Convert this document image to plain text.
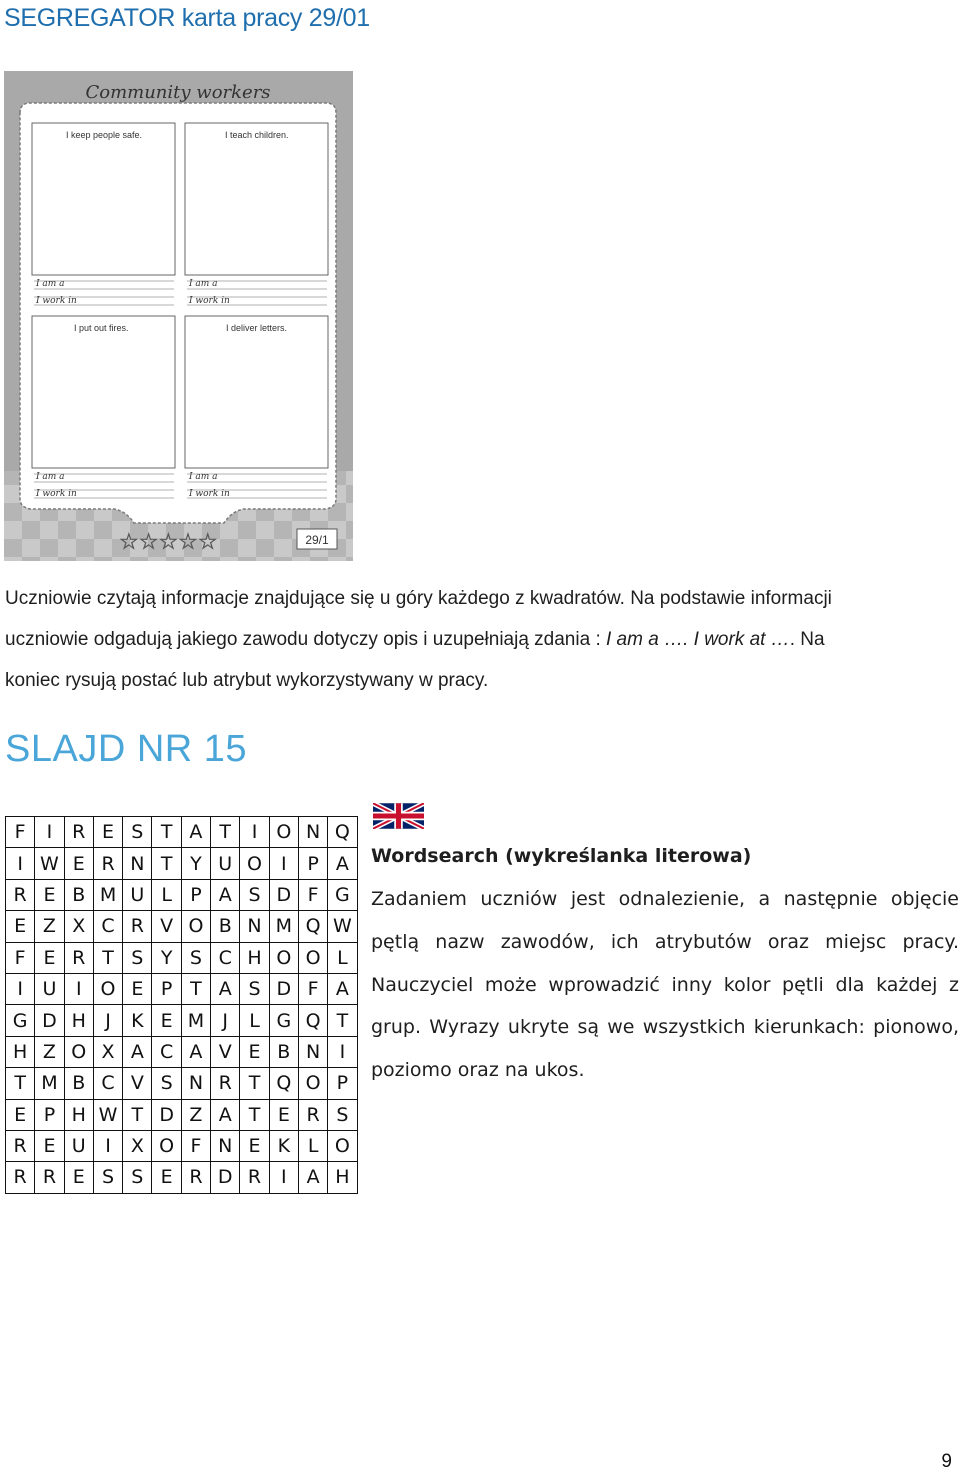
SEGREGATOR karta pracy 29/01
Community workers
I keep people safe.	I teach children.
I put out fires.	I deliver letters.
I am a
I work in
I am a
I work in
I am a
I work in
I am a
I work in
☆☆☆☆☆	29/1
Uczniowie czytają informacje znajdujące się u góry każdego z kwadratów. Na podstawie informacji
uczniowie odgadują jakiego zawodu dotyczy opis i uzupełniają zdania : I am a …. I work at …. Na
koniec rysują postać lub atrybut wykorzystywany w pracy.
SLAJD NR 15
F	I	R	E	S	T	A	T	I	O	N	Q
I	W	E	R	N	T	Y	U	O	I	P	A
R	E	B	M	U	L	P	A	S	D	F	G
E	Z	X	C	R	V	O	B	N	M	Q	W
F	E	R	T	S	Y	S	C	H	O	O	L
I	U	I	O	E	P	T	A	S	D	F	A
G	D	H	J	K	E	M	J	L	G	Q	T
H	Z	O	X	A	C	A	V	E	B	N	I
T	M	B	C	V	S	N	R	T	Q	O	P
E	P	H	W	T	D	Z	A	T	E	R	S
R	E	U	I	X	O	F	N	E	K	L	O
R	R	E	S	S	E	R	D	R	I	A	H
Wordsearch (wykreślanka literowa)
Zadaniem uczniów jest odnalezienie, a następnie objęcie
pętlą nazw zawodów, ich atrybutów oraz miejsc pracy.
Nauczyciel może wprowadzić inny kolor pętli dla każdej z
grup. Wyrazy ukryte są we wszystkich kierunkach: pionowo,
poziomo oraz na ukos.
9
